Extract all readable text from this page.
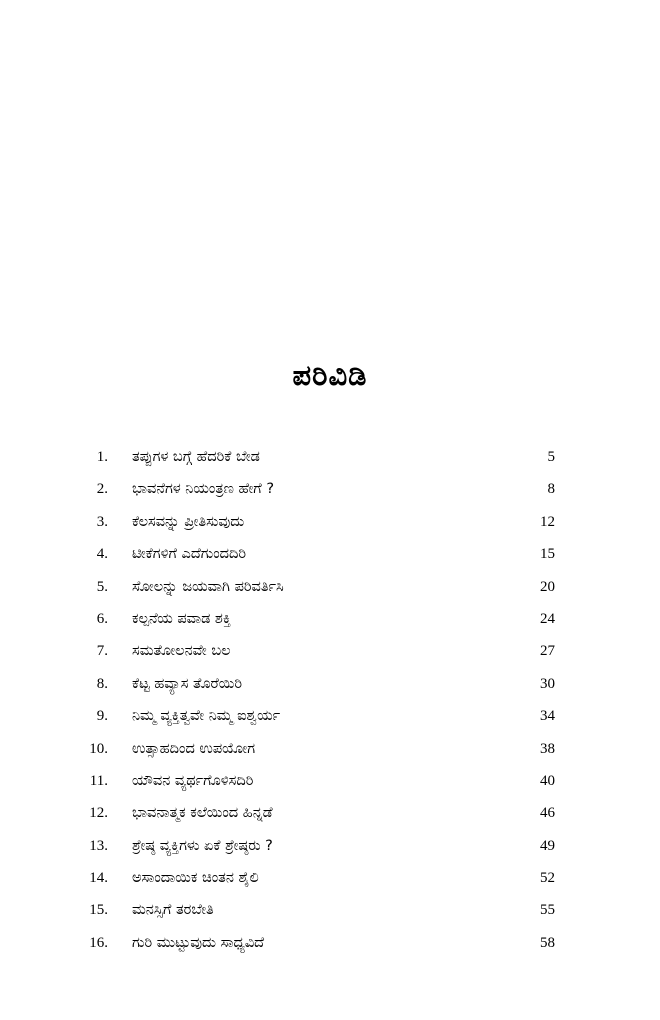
ಪರಿವಿಡಿ
1. ತಪ್ಪುಗಳ ಬಗ್ಗೆ ಹೆದರಿಕೆ ಬೇಡ	5
2. ಭಾವನೆಗಳ ನಿಯಂತ್ರಣ ಹೇಗೆ ?	8
3. ಕೆಲಸವನ್ನು ಪ್ರೀತಿಸುವುದು	12
4. ಟೀಕೆಗಳಿಗೆ ಎದೆಗುಂದದಿರಿ	15
5. ಸೋಲನ್ನು ಜಯವಾಗಿ ಪರಿವರ್ತಿಸಿ	20
6. ಕಲ್ಪನೆಯ ಪವಾಡ ಶಕ್ತಿ	24
7. ಸಮತೋಲನವೇ ಬಲ	27
8. ಕೆಟ್ಟ ಹವ್ಯಾಸ ತೊರೆಯಿರಿ	30
9. ನಿಮ್ಮ ವ್ಯಕ್ತಿತ್ವವೇ ನಿಮ್ಮ ಐಶ್ವರ್ಯ	34
10. ಉತ್ಸಾಹದಿಂದ ಉಪಯೋಗ	38
11. ಯೌವನ ವ್ಯರ್ಥಗೊಳಿಸದಿರಿ	40
12. ಭಾವನಾತ್ಮಕ ಕಲೆಯಿಂದ ಹಿನ್ನಡೆ	46
13. ಶ್ರೇಷ್ಠ ವ್ಯಕ್ತಿಗಳು ಏಕೆ ಶ್ರೇಷ್ಠರು ?	49
14. ಅಸಾಂದಾಯಿಕ ಚಿಂತನ ಶೈಲಿ	52
15. ಮನಸ್ಸಿಗೆ ತರಬೇತಿ	55
16. ಗುರಿ ಮುಟ್ಟುವುದು ಸಾಧ್ಯವಿದೆ	58
